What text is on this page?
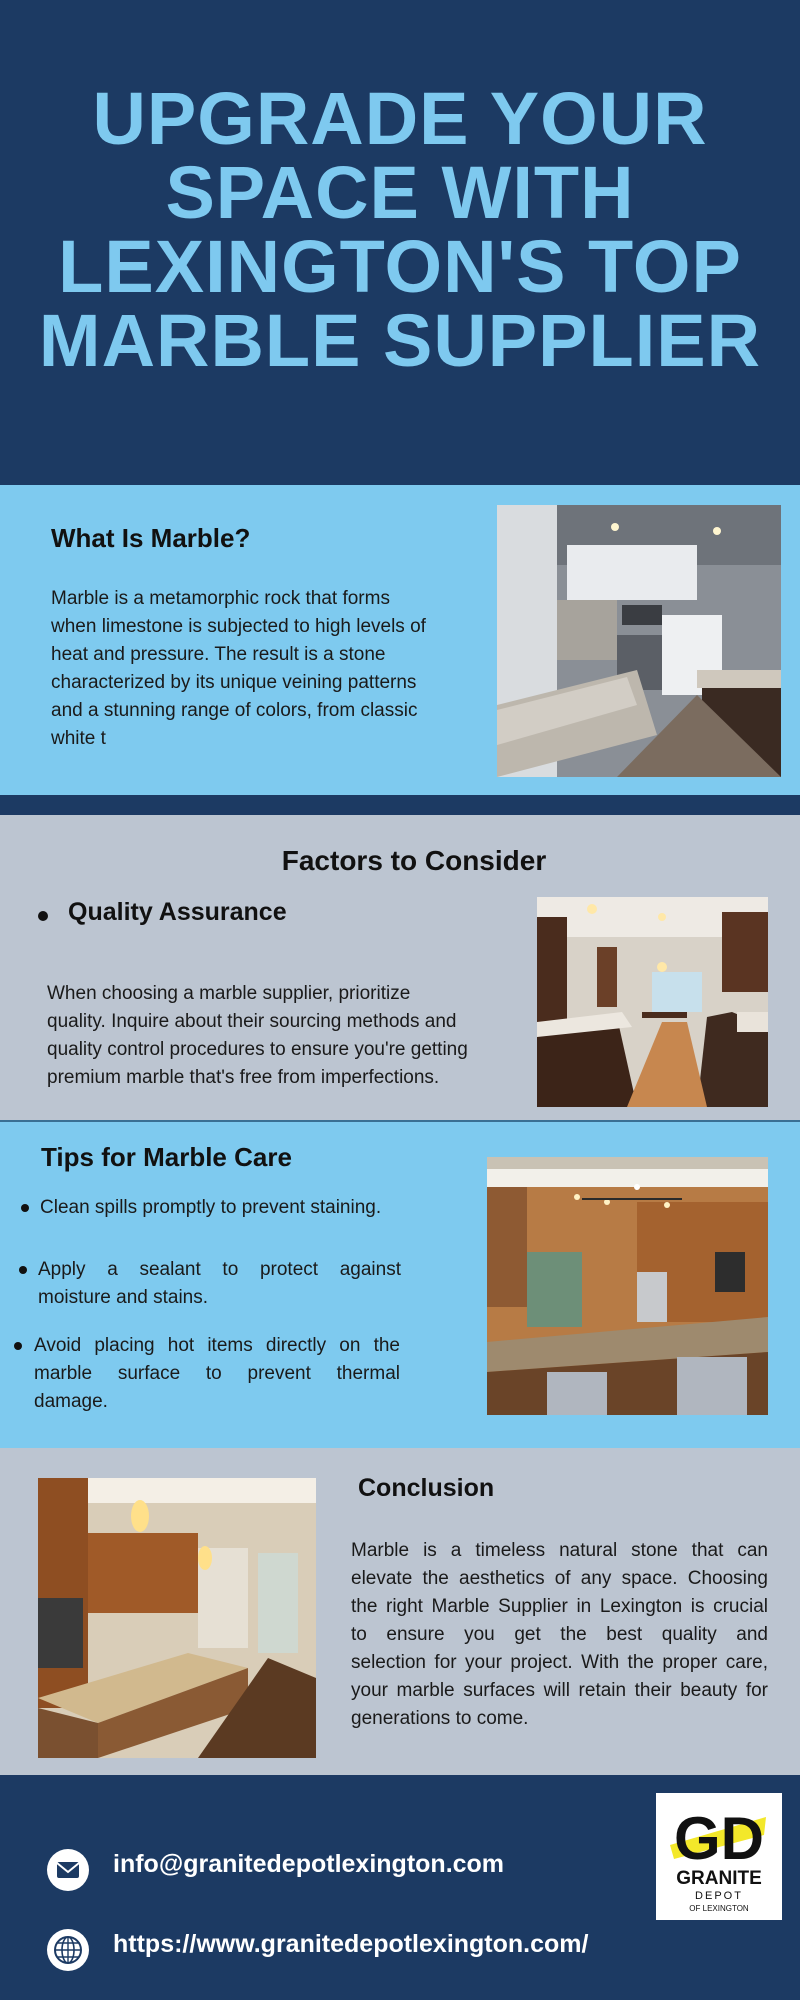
UPGRADE YOUR
SPACE WITH
LEXINGTON'S TOP
MARBLE SUPPLIER
What Is Marble?
Marble is a metamorphic rock that forms
when limestone is subjected to high levels of
heat and pressure. The result is a stone
characterized by its unique veining patterns
and a stunning range of colors, from classic
white t
Factors to Consider
Quality Assurance
When choosing a marble supplier, prioritize
quality. Inquire about their sourcing methods and
quality control procedures to ensure you're getting
premium marble that's free from imperfections.
Tips for Marble Care
Clean spills promptly to prevent staining.
Apply a sealant to protect against
moisture and stains.
Avoid placing hot items directly on the
marble surface to prevent thermal
damage.
Conclusion
Marble is a timeless natural stone that can
elevate the aesthetics of any space. Choosing
the right Marble Supplier in Lexington is crucial
to ensure you get the best quality and
selection for your project. With the proper care,
your marble surfaces will retain their beauty for
generations to come.
info@granitedepotlexington.com
https://www.granitedepotlexington.com/
GD
GRANITE
DEPOT
OF LEXINGTON
